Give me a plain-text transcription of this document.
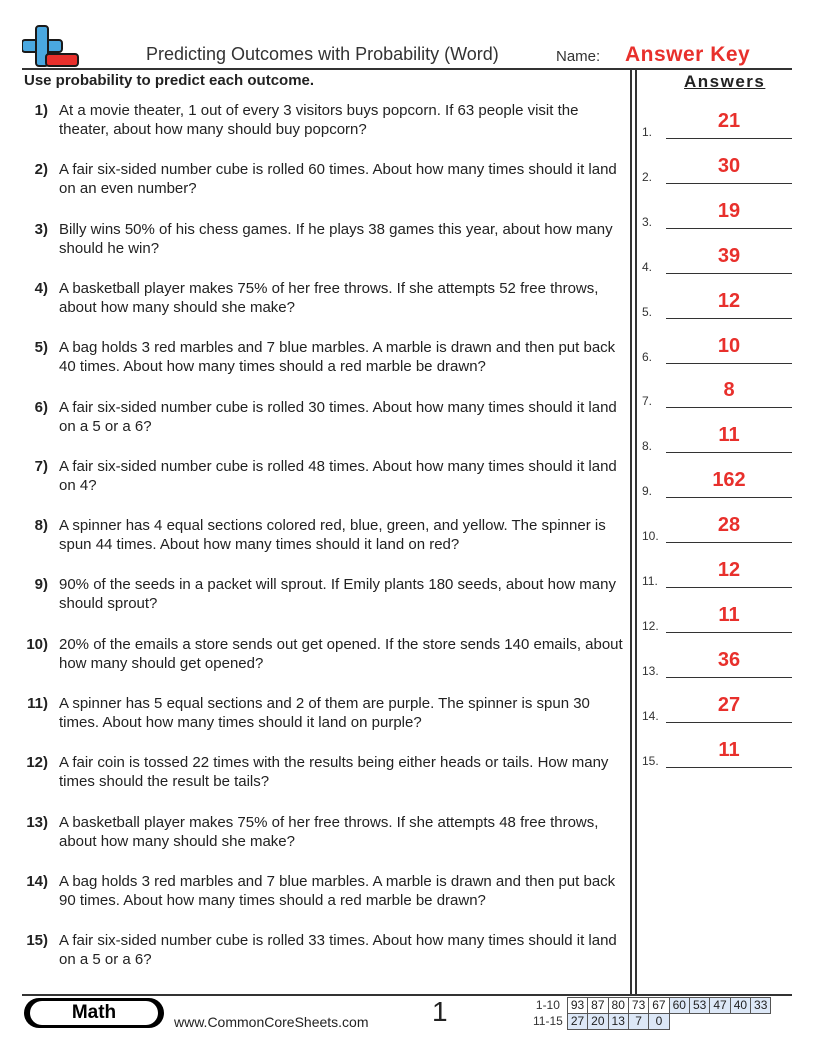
Predicting Outcomes with Probability (Word)	Name: Answer Key
Use probability to predict each outcome.	Answers
1) At a movie theater, 1 out of every 3 visitors buys popcorn. If 63 people visit the theater, about how many should buy popcorn?
2) A fair six-sided number cube is rolled 60 times. About how many times should it land on an even number?
3) Billy wins 50% of his chess games. If he plays 38 games this year, about how many should he win?
4) A basketball player makes 75% of her free throws. If she attempts 52 free throws, about how many should she make?
5) A bag holds 3 red marbles and 7 blue marbles. A marble is drawn and then put back 40 times. About how many times should a red marble be drawn?
6) A fair six-sided number cube is rolled 30 times. About how many times should it land on a 5 or a 6?
7) A fair six-sided number cube is rolled 48 times. About how many times should it land on 4?
8) A spinner has 4 equal sections colored red, blue, green, and yellow. The spinner is spun 44 times. About how many times should it land on red?
9) 90% of the seeds in a packet will sprout. If Emily plants 180 seeds, about how many should sprout?
10) 20% of the emails a store sends out get opened. If the store sends 140 emails, about how many should get opened?
11) A spinner has 5 equal sections and 2 of them are purple. The spinner is spun 30 times. About how many times should it land on purple?
12) A fair coin is tossed 22 times with the results being either heads or tails. How many times should the result be tails?
13) A basketball player makes 75% of her free throws. If she attempts 48 free throws, about how many should she make?
14) A bag holds 3 red marbles and 7 blue marbles. A marble is drawn and then put back 90 times. About how many times should a red marble be drawn?
15) A fair six-sided number cube is rolled 33 times. About how many times should it land on a 5 or a 6?
1.	21
2.	30
3.	19
4.	39
5.	12
6.	10
7.	8
8.	11
9.	162
10.	28
11.	12
12.	11
13.	36
14.	27
15.	11
Math	www.CommonCoreSheets.com 1	1-10	93	87	80	73	67	60	53	47	40	33
11-15	27	20	13	7	0					
